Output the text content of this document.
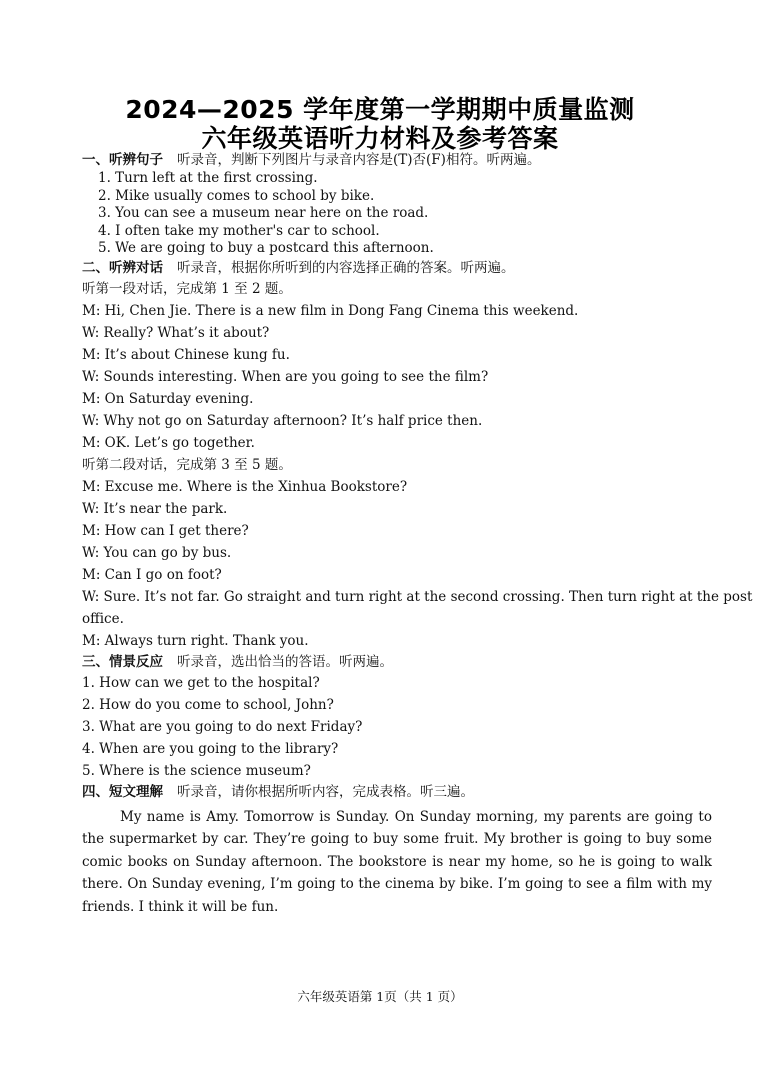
2024—2025 学年度第一学期期中质量监测
六年级英语听力材料及参考答案
一、听辨句子 听录音，判断下列图片与录音内容是(T)否(F)相符。听两遍。
1. Turn left at the first crossing.
2. Mike usually comes to school by bike.
3. You can see a museum near here on the road.
4. I often take my mother's car to school.
5. We are going to buy a postcard this afternoon.
二、听辨对话 听录音，根据你所听到的内容选择正确的答案。听两遍。
听第一段对话，完成第 1 至 2 题。
M: Hi, Chen Jie. There is a new film in Dong Fang Cinema this weekend.
W: Really? What’s it about?
M: It’s about Chinese kung fu.
W: Sounds interesting. When are you going to see the film?
M: On Saturday evening.
W: Why not go on Saturday afternoon? It’s half price then.
M: OK. Let’s go together.
听第二段对话，完成第 3 至 5 题。
M: Excuse me. Where is the Xinhua Bookstore?
W: It’s near the park.
M: How can I get there?
W: You can go by bus.
M: Can I go on foot?
W: Sure. It’s not far. Go straight and turn right at the second crossing. Then turn right at the post
office.
M: Always turn right. Thank you.
三、情景反应 听录音，选出恰当的答语。听两遍。
1. How can we get to the hospital?
2. How do you come to school, John?
3. What are you going to do next Friday?
4. When are you going to the library?
5. Where is the science museum?
四、短文理解 听录音，请你根据所听内容，完成表格。听三遍。
My name is Amy. Tomorrow is Sunday. On Sunday morning, my parents are going to the supermarket by car. They’re going to buy some fruit. My brother is going to buy some comic books on Sunday afternoon. The bookstore is near my home, so he is going to walk there. On Sunday evening, I’m going to the cinema by bike. I’m going to see a film with my friends. I think it will be fun.
六年级英语第 1页（共 1 页）
